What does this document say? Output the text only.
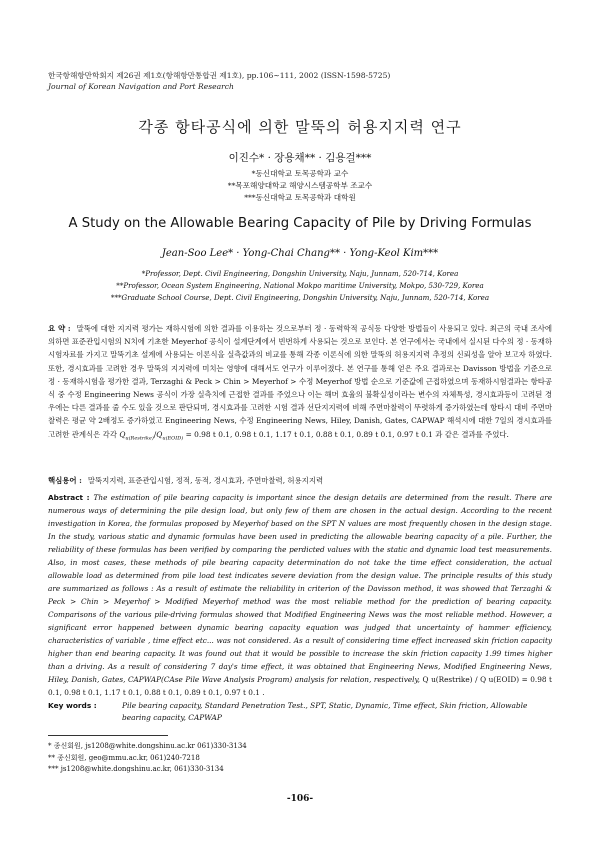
한국항해항만학회지 제26권 제1호(항해항만통합권 제1호), pp.106∼111, 2002 (ISSN-1598-5725)
Journal of Korean Navigation and Port Research
각종 항타공식에 의한 말뚝의 허용지지력 연구
이진수* · 장용채** · 김용걸***
*동신대학교 토목공학과 교수
**목포해양대학교 해양시스템공학부 조교수
***동신대학교 토목공학과 대학원
A Study on the Allowable Bearing Capacity of Pile by Driving Formulas
Jean-Soo Lee* · Yong-Chai Chang** · Yong-Keol Kim***
*Professor, Dept. Civil Engineering, Dongshin University, Naju, Junnam, 520-714, Korea
**Professor, Ocean System Engineering, National Mokpo maritime University, Mokpo, 530-729, Korea
***Graduate School Course, Dept. Civil Engineering, Dongshin University, Naju, Junnam, 520-714, Korea
요 약 : 말뚝에 대한 지지력 평가는 재하시험에 의한 결과를 이용하는 것으로부터 정 · 동력학적 공식등 다양한 방법들이 사용되고 있다. 최근의 국내 조사에 의하면 표준관입시험의 N치에 기초한 Meyerhof 공식이 설계단계에서 빈번하게 사용되는 것으로 보인다. 본 연구에서는 국내에서 실시된 다수의 정 · 동재하시험자료를 가지고 말뚝기초 설계에 사용되는 이론식을 실측값과의 비교를 통해 각종 이론식에 의한 말뚝의 허용지지력 추정의 신뢰성을 알아 보고자 하였다. 또한, 경시효과를 고려한 경우 말뚝의 지지력에 미치는 영향에 대해서도 연구가 이루어졌다. 본 연구를 통해 얻은 주요 결과로는 Davisson 방법을 기준으로 정 · 동재하시험을 평가한 결과, Terzaghi & Peck > Chin > Meyerhof > 수정 Meyerhof 방법 순으로 기준값에 근접하였으며 동재하시험결과는 항타공식 중 수정 Engineering News 공식이 가장 실측치에 근접한 결과를 주었으나 이는 해머 효율의 불확실성이라는 변수의 자체특성, 경시효과등이 고려된 경우에는 다른 결과를 줄 수도 있을 것으로 판단되며, 경시효과를 고려한 시험 결과 선단지지력에 비해 주면마찰력이 뚜렷하게 증가하였는데 항타시 대비 주면마찰력은 평균 약 2배정도 증가하였고 Engineering News, 수정 Engineering News, Hiley, Danish, Gates, CAPWAP 해석시에 대한 7일의 경시효과를 고려한 관계식은 각각 $Q_{u(Restrike)}/Q_{u(EOID)} = 0.98$ t 0.1, 0.98 t 0.1, 1.17 t 0.1, 0.88 t 0.1, 0.89 t 0.1, 0.97 t 0.1 과 같은 결과를 주었다.
핵심용어 : 말뚝지지력, 표준관입시험, 정적, 동적, 경시효과, 주면마찰력, 허용지지력
Abstract : The estimation of pile bearing capacity is important since the design details are determined from the result. There are numerous ways of determining the pile design load, but only few of them are chosen in the actual design. According to the recent investigation in Korea, the formulas proposed by Meyerhof based on the SPT N values are most frequently chosen in the design stage. In the study, various static and dynamic formulas have been used in predicting the allowable bearing capacity of a pile. Further, the reliability of these formulas has been verified by comparing the perdicted values with the static and dynamic load test measurements. Also, in most cases, these methods of pile bearing capacity determination do not take the time effect consideration, the actual allowable load as determined from pile load test indicates severe deviation from the design value. The principle results of this study are summarized as follows : As a result of estimate the reliability in criterion of the Davisson method, it was showed that Terzaghi & Peck > Chin > Meyerhof > Modified Meyerhof method was the most reliable method for the prediction of bearing capacity. Comparisons of the various pile-driving formulas showed that Modified Engineering News was the most reliable method. However, a significant error happened between dynamic bearing capacity equation was judged that uncertainty of hammer efficiency, characteristics of variable , time effect etc... was not considered. As a result of considering time effect increased skin friction capacity higher than end bearing capacity. It was found out that it would be possible to increase the skin friction capacity 1.99 times higher than a driving. As a result of considering 7 day's time effect, it was obtained that Engineering News, Modified Engineering News, Hiley, Danish, Gates, CAPWAP(CAse Pile Wave Analysis Program) analysis for relation, respectively, Q u(Restrike) / Q u(EOID) = 0.98 t 0.1, 0.98 t 0.1, 1.17 t 0.1, 0.88 t 0.1, 0.89 t 0.1, 0.97 t 0.1 .
Key words :	Pile bearing capacity, Standard Penetration Test., SPT, Static, Dynamic, Time effect, Skin friction, Allowable bearing capacity, CAPWAP
* 종신회원, js1208@white.dongshinu.ac.kr 061)330-3134
** 종신회원, geo@mmu.ac.kr, 061)240-7218
*** js1208@white.dongshinu.ac.kr, 061)330-3134
-106-
